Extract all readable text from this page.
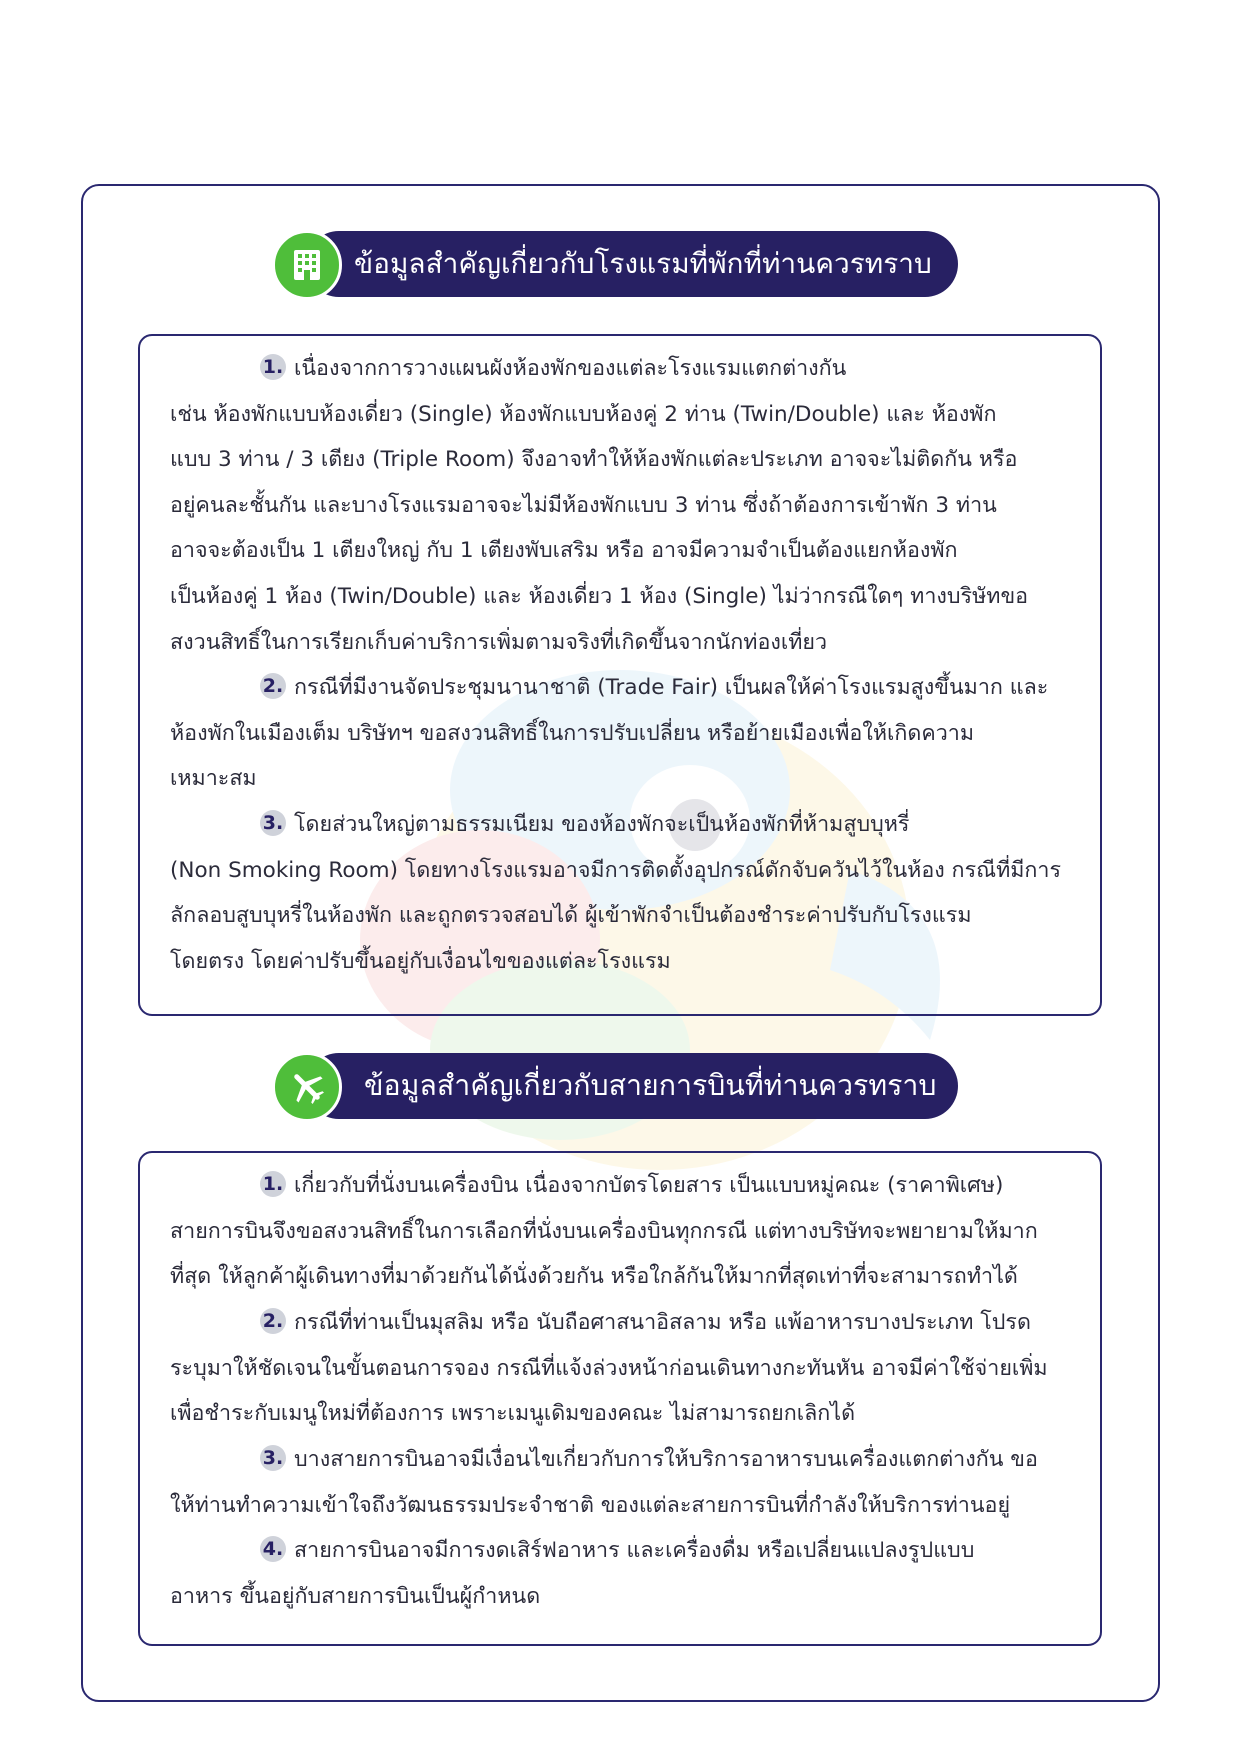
ข้อมูลสำคัญเกี่ยวกับโรงแรมที่พักที่ท่านควรทราบ
1. เนื่องจากการวางแผนผังห้องพักของแต่ละโรงแรมแตกต่างกัน
เช่น ห้องพักแบบห้องเดี่ยว (Single) ห้องพักแบบห้องคู่ 2 ท่าน (Twin/Double) และ ห้องพัก
แบบ 3 ท่าน / 3 เตียง (Triple Room) จึงอาจทำให้ห้องพักแต่ละประเภท อาจจะไม่ติดกัน หรือ
อยู่คนละชั้นกัน และบางโรงแรมอาจจะไม่มีห้องพักแบบ 3 ท่าน ซึ่งถ้าต้องการเข้าพัก 3 ท่าน
อาจจะต้องเป็น 1 เตียงใหญ่ กับ 1 เตียงพับเสริม หรือ อาจมีความจำเป็นต้องแยกห้องพัก
เป็นห้องคู่ 1 ห้อง (Twin/Double) และ ห้องเดี่ยว 1 ห้อง (Single) ไม่ว่ากรณีใดๆ ทางบริษัทขอ
สงวนสิทธิ์ในการเรียกเก็บค่าบริการเพิ่มตามจริงที่เกิดขึ้นจากนักท่องเที่ยว
2. กรณีที่มีงานจัดประชุมนานาชาติ (Trade Fair) เป็นผลให้ค่าโรงแรมสูงขึ้นมาก และ
ห้องพักในเมืองเต็ม บริษัทฯ ขอสงวนสิทธิ์ในการปรับเปลี่ยน หรือย้ายเมืองเพื่อให้เกิดความ
เหมาะสม
3. โดยส่วนใหญ่ตามธรรมเนียม ของห้องพักจะเป็นห้องพักที่ห้ามสูบบุหรี่
(Non Smoking Room) โดยทางโรงแรมอาจมีการติดตั้งอุปกรณ์ดักจับควันไว้ในห้อง กรณีที่มีการ
ลักลอบสูบบุหรี่ในห้องพัก และถูกตรวจสอบได้ ผู้เข้าพักจำเป็นต้องชำระค่าปรับกับโรงแรม
โดยตรง โดยค่าปรับขึ้นอยู่กับเงื่อนไขของแต่ละโรงแรม
ข้อมูลสำคัญเกี่ยวกับสายการบินที่ท่านควรทราบ
1. เกี่ยวกับที่นั่งบนเครื่องบิน เนื่องจากบัตรโดยสาร เป็นแบบหมู่คณะ (ราคาพิเศษ)
สายการบินจึงขอสงวนสิทธิ์ในการเลือกที่นั่งบนเครื่องบินทุกกรณี แต่ทางบริษัทจะพยายามให้มาก
ที่สุด ให้ลูกค้าผู้เดินทางที่มาด้วยกันได้นั่งด้วยกัน หรือใกล้กันให้มากที่สุดเท่าที่จะสามารถทำได้
2. กรณีที่ท่านเป็นมุสลิม หรือ นับถือศาสนาอิสลาม หรือ แพ้อาหารบางประเภท โปรด
ระบุมาให้ชัดเจนในขั้นตอนการจอง กรณีที่แจ้งล่วงหน้าก่อนเดินทางกะทันหัน อาจมีค่าใช้จ่ายเพิ่ม
เพื่อชำระกับเมนูใหม่ที่ต้องการ เพราะเมนูเดิมของคณะ ไม่สามารถยกเลิกได้
3. บางสายการบินอาจมีเงื่อนไขเกี่ยวกับการให้บริการอาหารบนเครื่องแตกต่างกัน ขอ
ให้ท่านทำความเข้าใจถึงวัฒนธรรมประจำชาติ ของแต่ละสายการบินที่กำลังให้บริการท่านอยู่
4. สายการบินอาจมีการงดเสิร์ฟอาหาร และเครื่องดื่ม หรือเปลี่ยนแปลงรูปแบบ
อาหาร ขึ้นอยู่กับสายการบินเป็นผู้กำหนด
